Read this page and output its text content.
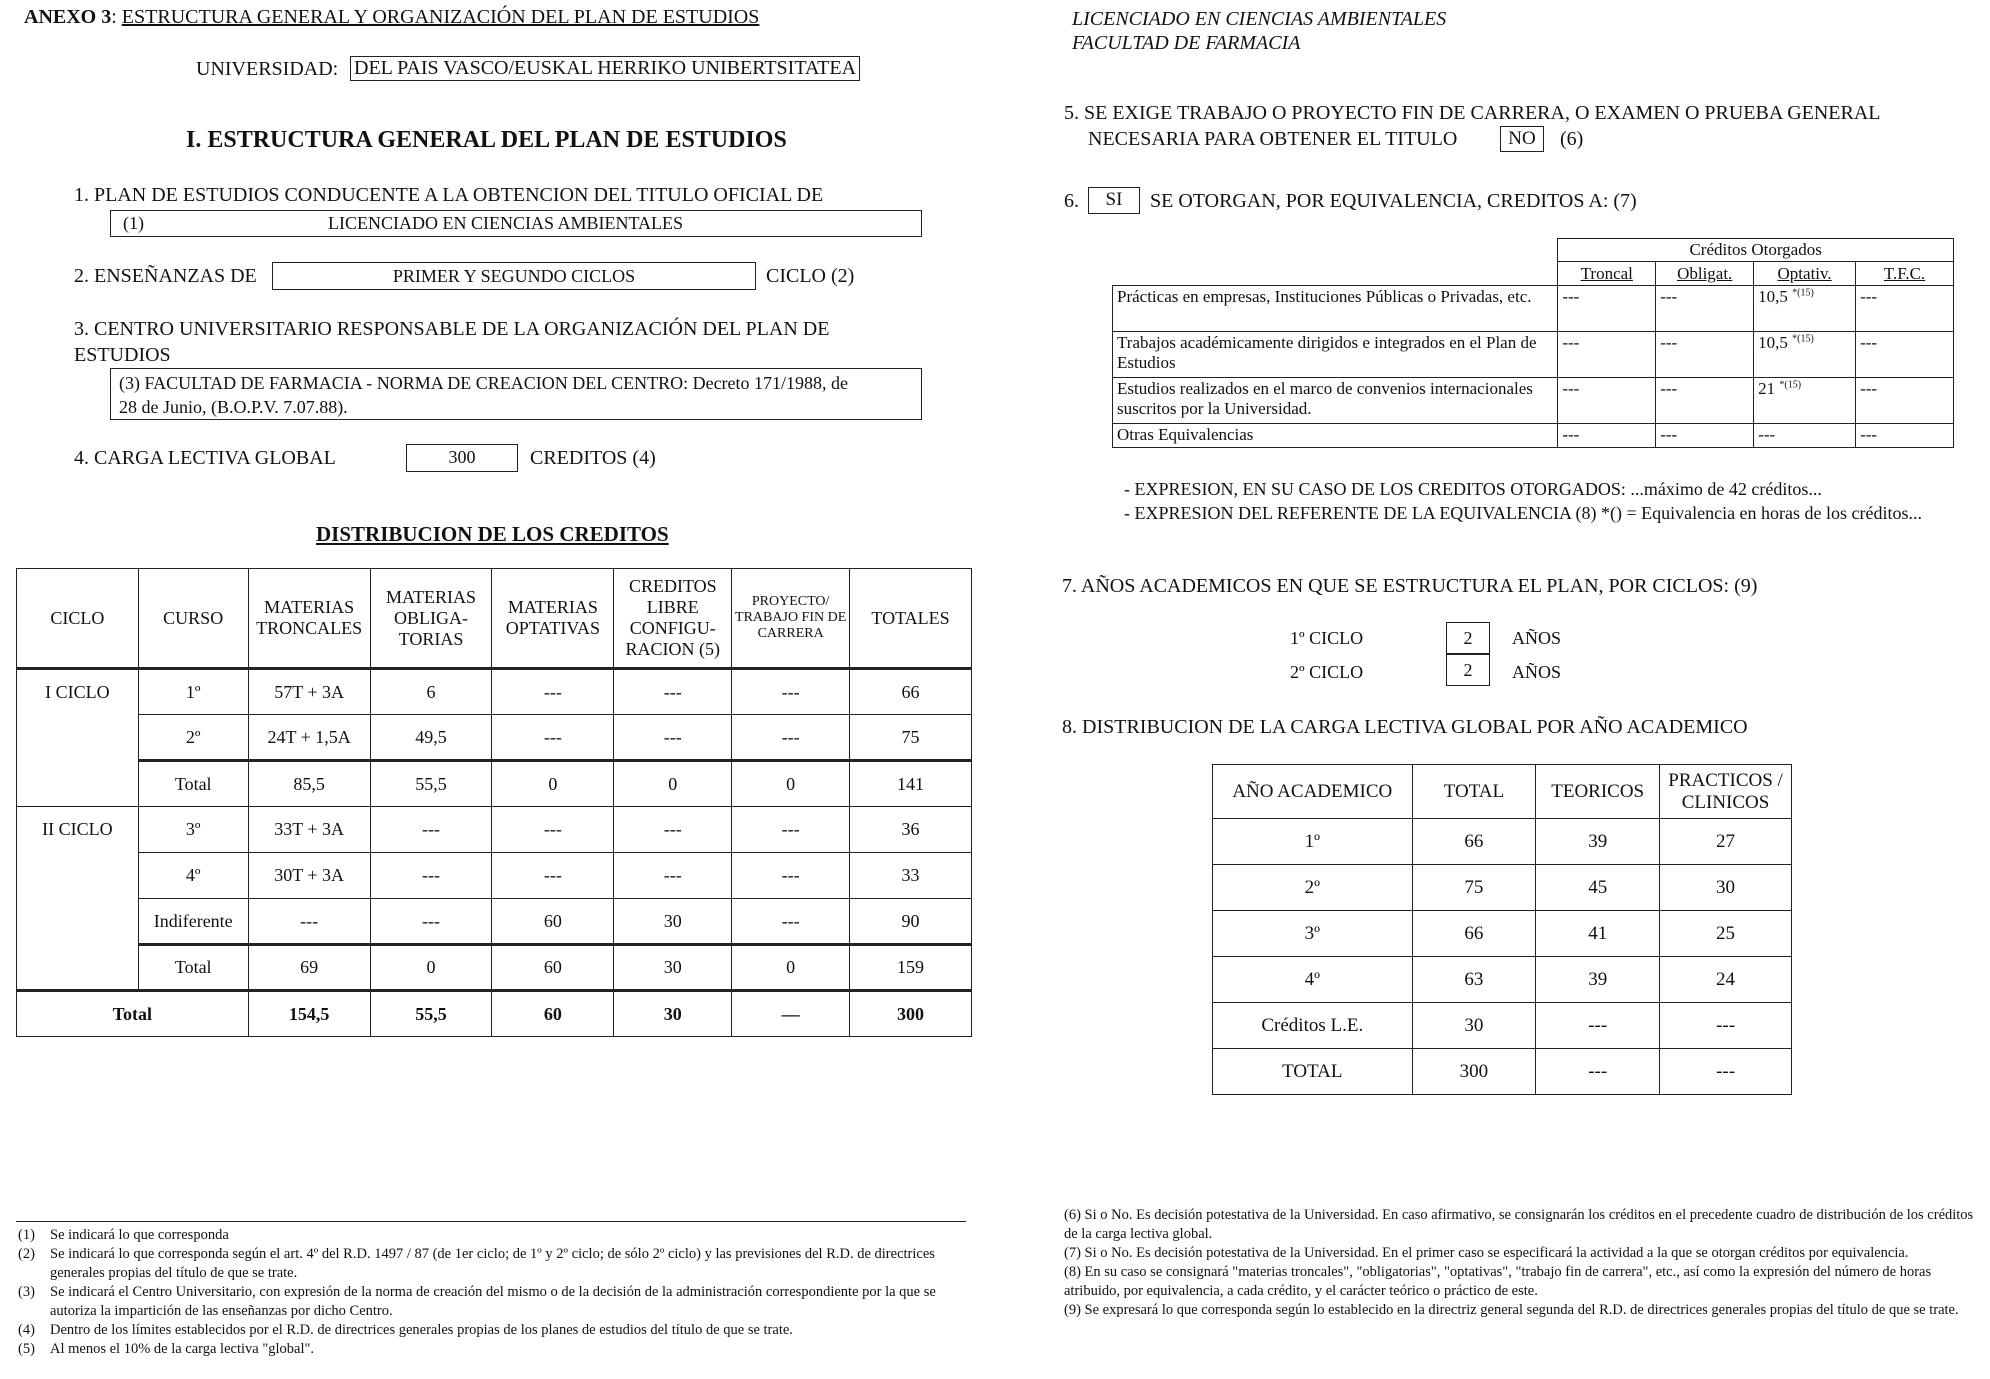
ANEXO 3: ESTRUCTURA GENERAL Y ORGANIZACIÓN DEL PLAN DE ESTUDIOS
UNIVERSIDAD: DEL PAIS VASCO/EUSKAL HERRIKO UNIBERTSITATEA
I. ESTRUCTURA GENERAL DEL PLAN DE ESTUDIOS
1. PLAN DE ESTUDIOS CONDUCENTE A LA OBTENCION DEL TITULO OFICIAL DE
(1)	LICENCIADO EN CIENCIAS AMBIENTALES
2. ENSEÑANZAS DE	PRIMER Y SEGUNDO CICLOS	CICLO (2)
3. CENTRO UNIVERSITARIO RESPONSABLE DE LA ORGANIZACIÓN DEL PLAN DE
ESTUDIOS
(3) FACULTAD DE FARMACIA - NORMA DE CREACION DEL CENTRO: Decreto 171/1988, de
28 de Junio, (B.O.P.V. 7.07.88).
4. CARGA LECTIVA GLOBAL	300	CREDITOS (4)
DISTRIBUCION DE LOS CREDITOS
CICLO	CURSO	MATERIAS TRONCALES	MATERIAS OBLIGA-TORIAS	MATERIAS OPTATIVAS	CREDITOS LIBRE CONFIGU-RACION (5)	PROYECTO/ TRABAJO FIN DE CARRERA	TOTALES
I CICLO	1º	57T + 3A	6	---	---	---	66
	2º	24T + 1,5A	49,5	---	---	---	75
	Total	85,5	55,5	0	0	0	141
II CICLO	3º	33T + 3A	---	---	---	---	36
	4º	30T + 3A	---	---	---	---	33
	Indiferente	---	---	60	30	---	90
	Total	69	0	60	30	0	159
Total		154,5	55,5	60	30	—	300
(1)	Se indicará lo que corresponda
(2)	Se indicará lo que corresponda según el art. 4º del R.D. 1497 / 87 (de 1er ciclo; de 1º y 2º ciclo; de sólo 2º ciclo) y las previsiones del R.D. de directrices generales propias del título de que se trate.
(3)	Se indicará el Centro Universitario, con expresión de la norma de creación del mismo o de la decisión de la administración correspondiente por la que se autoriza la impartición de las enseñanzas por dicho Centro.
(4)	Dentro de los límites establecidos por el R.D. de directrices generales propias de los planes de estudios del título de que se trate.
(5)	Al menos el 10% de la carga lectiva "global".
LICENCIADO EN CIENCIAS AMBIENTALES
FACULTAD DE FARMACIA
5. SE EXIGE TRABAJO O PROYECTO FIN DE CARRERA, O EXAMEN O PRUEBA GENERAL
NECESARIA PARA OBTENER EL TITULO	NO	(6)
6.	SI	SE OTORGAN, POR EQUIVALENCIA, CREDITOS A: (7)
	Créditos Otorgados			
	Troncal	Obligat.	Optativ.	T.F.C.
Prácticas en empresas, Instituciones Públicas o Privadas, etc.	---	---	10,5 $^{*(15)}$	---
Trabajos académicamente dirigidos e integrados en el Plan de Estudios	---	---	10,5 $^{*(15)}$	---
Estudios realizados en el marco de convenios internacionales suscritos por la Universidad.	---	---	21 $^{*(15)}$	---
Otras Equivalencias	---	---	---	---
- EXPRESION, EN SU CASO DE LOS CREDITOS OTORGADOS: ...máximo de 42 créditos...
- EXPRESION DEL REFERENTE DE LA EQUIVALENCIA (8) *() = Equivalencia en horas de los créditos...
7. AÑOS ACADEMICOS EN QUE SE ESTRUCTURA EL PLAN, POR CICLOS: (9)
1º CICLO	2	AÑOS
2º CICLO	2	AÑOS
8. DISTRIBUCION DE LA CARGA LECTIVA GLOBAL POR AÑO ACADEMICO
AÑO ACADEMICO	TOTAL	TEORICOS	PRACTICOS / CLINICOS
1º	66	39	27
2º	75	45	30
3º	66	41	25
4º	63	39	24
Créditos L.E.	30	---	---
TOTAL	300	---	---
(6) Si o No. Es decisión potestativa de la Universidad. En caso afirmativo, se consignarán los créditos en el precedente cuadro de distribución de los créditos de la carga lectiva global.
(7) Si o No. Es decisión potestativa de la Universidad. En el primer caso se especificará la actividad a la que se otorgan créditos por equivalencia.
(8) En su caso se consignará "materias troncales", "obligatorias", "optativas", "trabajo fin de carrera", etc., así como la expresión del número de horas atribuido, por equivalencia, a cada crédito, y el carácter teórico o práctico de este.
(9) Se expresará lo que corresponda según lo establecido en la directriz general segunda del R.D. de directrices generales propias del título de que se trate.
